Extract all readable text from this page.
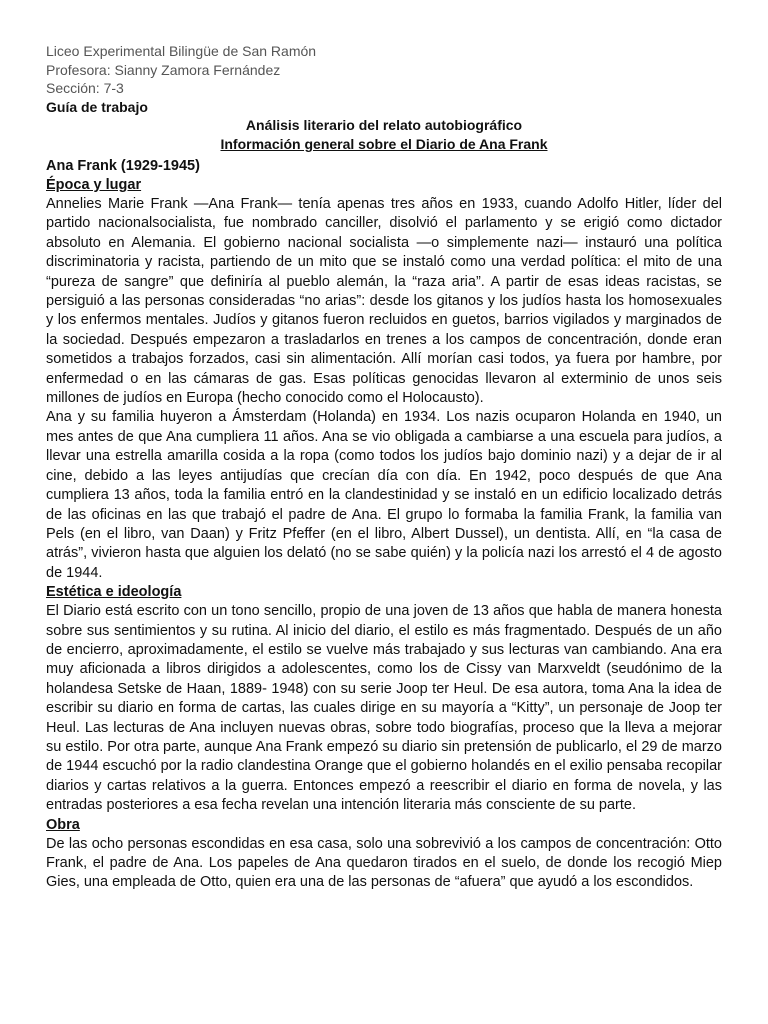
Liceo Experimental Bilingüe de San Ramón
Profesora: Sianny Zamora Fernández
Sección: 7-3
Guía de trabajo
Análisis literario del relato autobiográfico
Información general sobre el Diario de Ana Frank
Ana Frank (1929-1945)
Época y lugar

Annelies Marie Frank —Ana Frank— tenía apenas tres años en 1933, cuando Adolfo Hitler, líder del partido nacionalsocialista, fue nombrado canciller, disolvió el parlamento y se erigió como dictador absoluto en Alemania. El gobierno nacional socialista —o simplemente nazi— instauró una política discriminatoria y racista, partiendo de un mito que se instaló como una verdad política: el mito de una “pureza de sangre” que definiría al pueblo alemán, la “raza aria”. A partir de esas ideas racistas, se persiguió a las personas consideradas “no arias”: desde los gitanos y los judíos hasta los homosexuales y los enfermos mentales. Judíos y gitanos fueron recluidos en guetos, barrios vigilados y marginados de la sociedad. Después empezaron a trasladarlos en trenes a los campos de concentración, donde eran sometidos a trabajos forzados, casi sin alimentación. Allí morían casi todos, ya fuera por hambre, por enfermedad o en las cámaras de gas. Esas políticas genocidas llevaron al exterminio de unos seis millones de judíos en Europa (hecho conocido como el Holocausto).

Ana y su familia huyeron a Ámsterdam (Holanda) en 1934. Los nazis ocuparon Holanda en 1940, un mes antes de que Ana cumpliera 11 años. Ana se vio obligada a cambiarse a una escuela para judíos, a llevar una estrella amarilla cosida a la ropa (como todos los judíos bajo dominio nazi) y a dejar de ir al cine, debido a las leyes antijudías que crecían día con día. En 1942, poco después de que Ana cumpliera 13 años, toda la familia entró en la clandestinidad y se instaló en un edificio localizado detrás de las oficinas en las que trabajó el padre de Ana. El grupo lo formaba la familia Frank, la familia van Pels (en el libro, van Daan) y Fritz Pfeffer (en el libro, Albert Dussel), un dentista. Allí, en “la casa de atrás”, vivieron hasta que alguien los delató (no se sabe quién) y la policía nazi los arrestó el 4 de agosto de 1944.

Estética e ideología

El Diario está escrito con un tono sencillo, propio de una joven de 13 años que habla de manera honesta sobre sus sentimientos y su rutina. Al inicio del diario, el estilo es más fragmentado. Después de un año de encierro, aproximadamente, el estilo se vuelve más trabajado y sus lecturas van cambiando. Ana era muy aficionada a libros dirigidos a adolescentes, como los de Cissy van Marxveldt (seudónimo de la holandesa Setske de Haan, 1889- 1948) con su serie Joop ter Heul. De esa autora, toma Ana la idea de escribir su diario en forma de cartas, las cuales dirige en su mayoría a “Kitty”, un personaje de Joop ter Heul. Las lecturas de Ana incluyen nuevas obras, sobre todo biografías, proceso que la lleva a mejorar su estilo. Por otra parte, aunque Ana Frank empezó su diario sin pretensión de publicarlo, el 29 de marzo de 1944 escuchó por la radio clandestina Orange que el gobierno holandés en el exilio pensaba recopilar diarios y cartas relativos a la guerra. Entonces empezó a reescribir el diario en forma de novela, y las entradas posteriores a esa fecha revelan una intención literaria más consciente de su parte.

Obra

De las ocho personas escondidas en esa casa, solo una sobrevivió a los campos de concentración: Otto Frank, el padre de Ana. Los papeles de Ana quedaron tirados en el suelo, de donde los recogió Miep Gies, una empleada de Otto, quien era una de las personas de “afuera” que ayudó a los escondidos.
